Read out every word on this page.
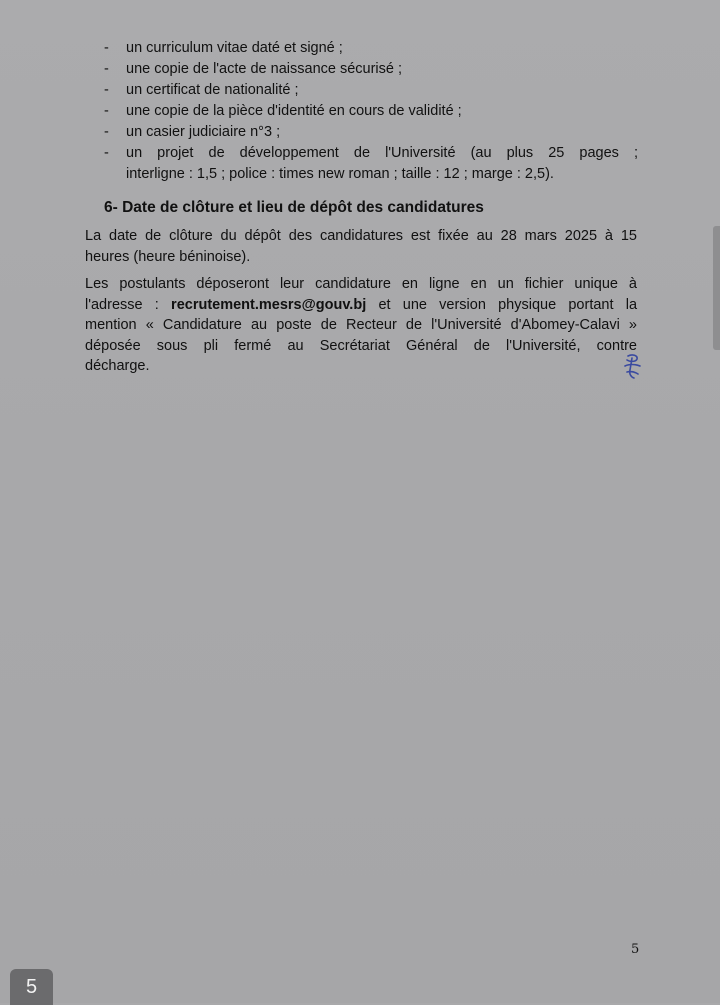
- un curriculum vitae daté et signé ;
- une copie de l'acte de naissance sécurisé ;
- un certificat de nationalité ;
- une copie de la pièce d'identité en cours de validité ;
- un casier judiciaire n°3 ;
- un projet de développement de l'Université (au plus 25 pages ;
interligne : 1,5 ; police : times new roman ; taille : 12 ; marge : 2,5).
6- Date de clôture et lieu de dépôt des candidatures

La date de clôture du dépôt des candidatures est fixée au 28 mars 2025 à 15
heures (heure béninoise).

Les postulants déposeront leur candidature en ligne en un fichier unique à
l'adresse : recrutement.mesrs@gouv.bj et une version physique portant la
mention « Candidature au poste de Recteur de l'Université d'Abomey-Calavi »
déposée sous pli fermé au Secrétariat Général de l'Université, contre
décharge.

5
5
